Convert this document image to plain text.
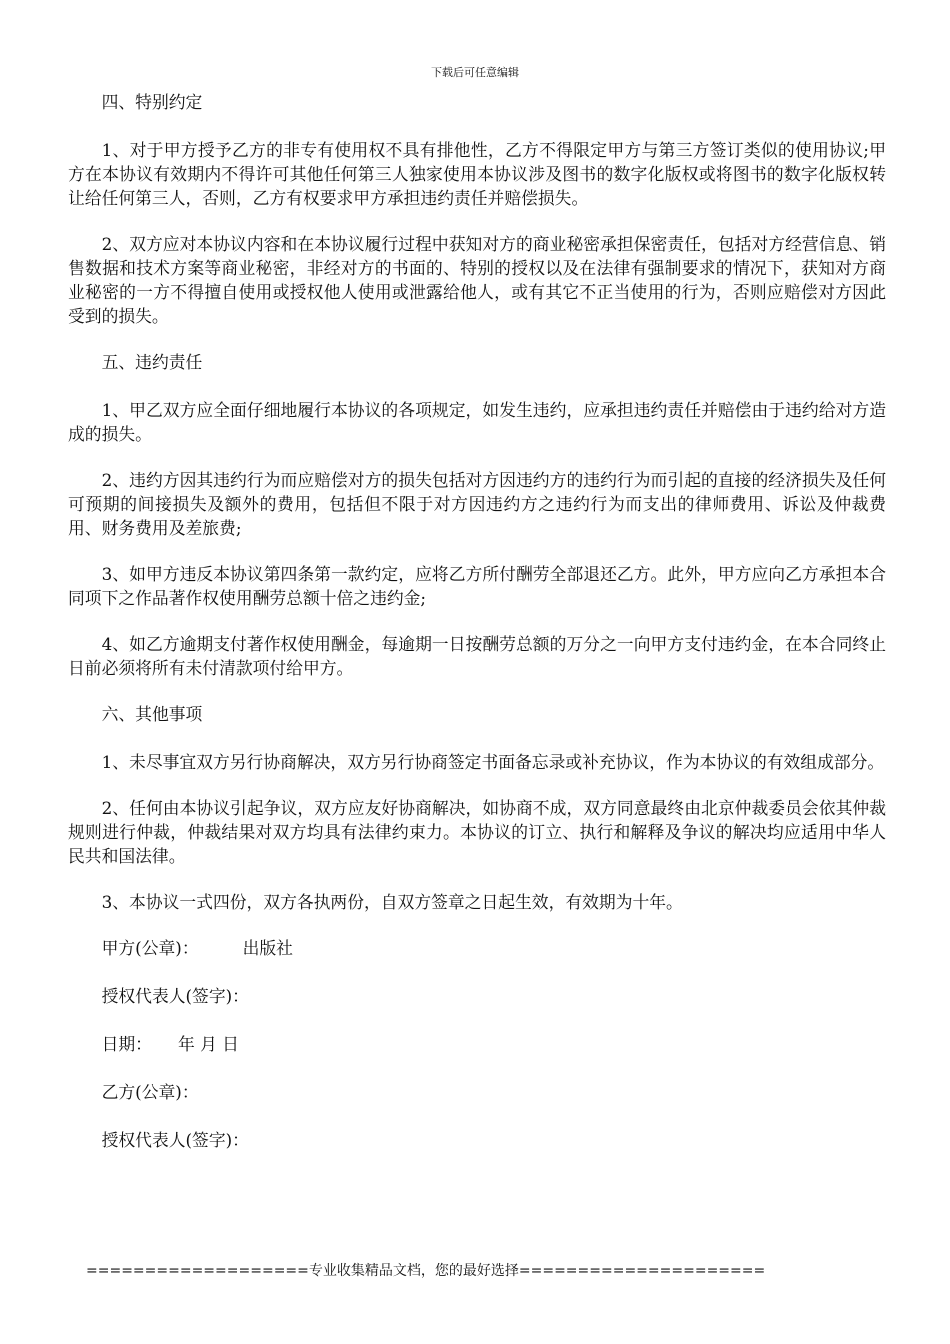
下载后可任意编辑

四、特别约定

1、对于甲方授予乙方的非专有使用权不具有排他性，乙方不得限定甲方与第三方签订类似的使用协议;甲方在本协议有效期内不得许可其他任何第三人独家使用本协议涉及图书的数字化版权或将图书的数字化版权转让给任何第三人，否则，乙方有权要求甲方承担违约责任并赔偿损失。

2、双方应对本协议内容和在本协议履行过程中获知对方的商业秘密承担保密责任，包括对方经营信息、销售数据和技术方案等商业秘密，非经对方的书面的、特别的授权以及在法律有强制要求的情况下，获知对方商业秘密的一方不得擅自使用或授权他人使用或泄露给他人，或有其它不正当使用的行为，否则应赔偿对方因此受到的损失。

五、违约责任

1、甲乙双方应全面仔细地履行本协议的各项规定，如发生违约，应承担违约责任并赔偿由于违约给对方造成的损失。

2、违约方因其违约行为而应赔偿对方的损失包括对方因违约方的违约行为而引起的直接的经济损失及任何可预期的间接损失及额外的费用，包括但不限于对方因违约方之违约行为而支出的律师费用、诉讼及仲裁费用、财务费用及差旅费;

3、如甲方违反本协议第四条第一款约定，应将乙方所付酬劳全部退还乙方。此外，甲方应向乙方承担本合同项下之作品著作权使用酬劳总额十倍之违约金;

4、如乙方逾期支付著作权使用酬金，每逾期一日按酬劳总额的万分之一向甲方支付违约金，在本合同终止日前必须将所有未付清款项付给甲方。

六、其他事项

1、未尽事宜双方另行协商解决，双方另行协商签定书面备忘录或补充协议，作为本协议的有效组成部分。

2、任何由本协议引起争议，双方应友好协商解决，如协商不成，双方同意最终由北京仲裁委员会依其仲裁规则进行仲裁，仲裁结果对双方均具有法律约束力。本协议的订立、执行和解释及争议的解决均应适用中华人民共和国法律。

3、本协议一式四份，双方各执两份，自双方签章之日起生效，有效期为十年。

甲方(公章)：	出版社

授权代表人(签字)：

日期： 年 月 日

乙方(公章)：

授权代表人(签字)：

===================专业收集精品文档，您的最好选择=====================
